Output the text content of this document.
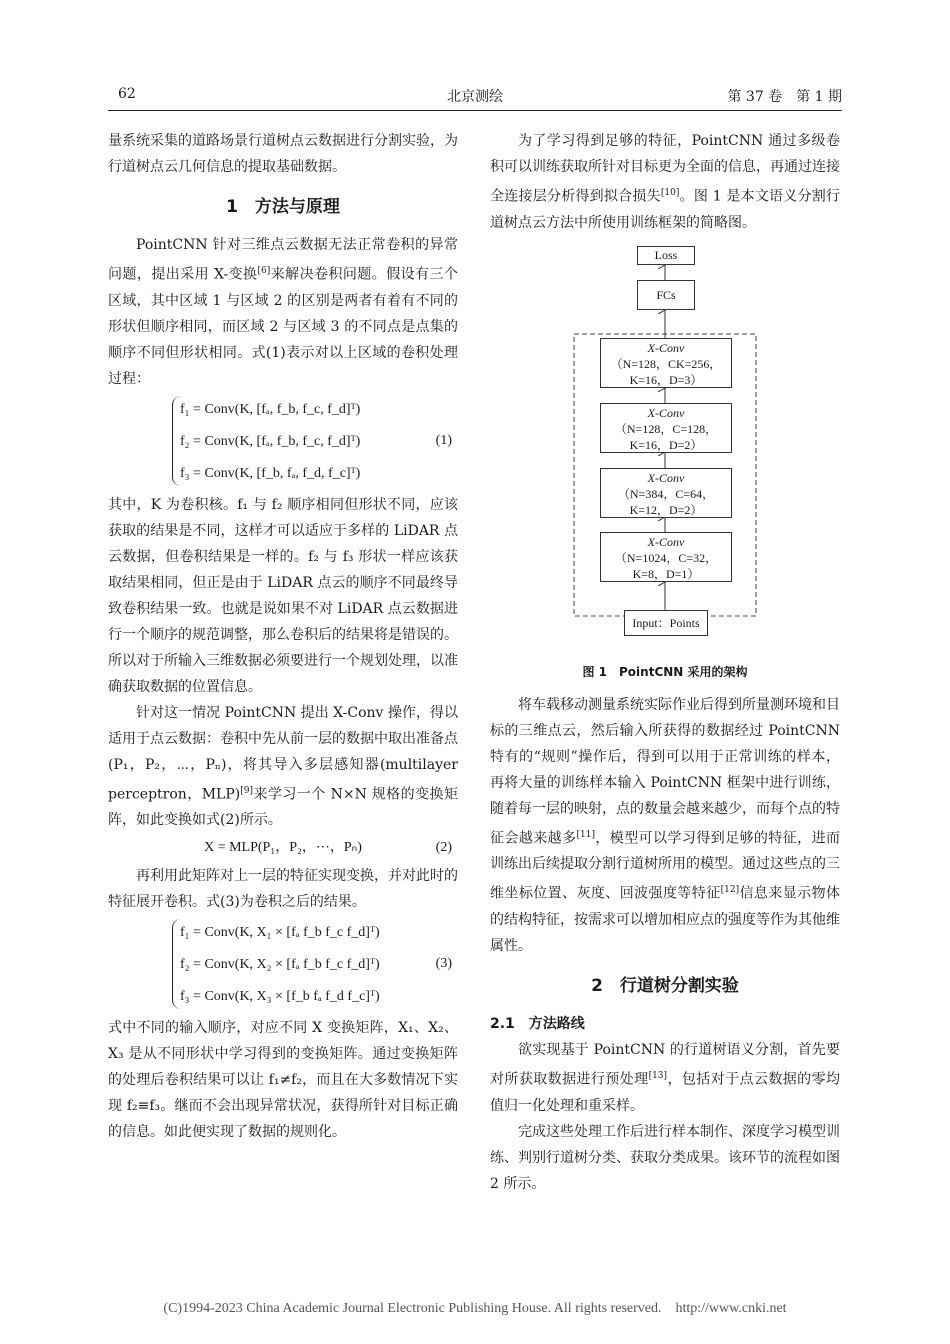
62	北京测绘	第 37 卷　第 1 期

量系统采集的道路场景行道树点云数据进行分割实验，为行道树点云几何信息的提取基础数据。

1　方法与原理

PointCNN 针对三维点云数据无法正常卷积的异常问题，提出采用 X-变换[6]来解决卷积问题。假设有三个区域，其中区域 1 与区域 2 的区别是两者有着有不同的形状但顺序相同，而区域 2 与区域 3 的不同点是点集的顺序不同但形状相同。式(1)表示对以上区域的卷积处理过程：

f₁ = Conv(K, [fₐ, f_b, f_c, f_d]ᵀ)
f₂ = Conv(K, [fₐ, f_b, f_c, f_d]ᵀ)
f₃ = Conv(K, [f_b, fₐ, f_d, f_c]ᵀ)
(1)

其中，K 为卷积核。f₁ 与 f₂ 顺序相同但形状不同，应该获取的结果是不同，这样才可以适应于多样的 LiDAR 点云数据，但卷积结果是一样的。f₂ 与 f₃ 形状一样应该获取结果相同，但正是由于 LiDAR 点云的顺序不同最终导致卷积结果一致。也就是说如果不对 LiDAR 点云数据进行一个顺序的规范调整，那么卷积后的结果将是错误的。所以对于所输入三维数据必须要进行一个规划处理，以准确获取数据的位置信息。

针对这一情况 PointCNN 提出 X-Conv 操作，得以适用于点云数据：卷积中先从前一层的数据中取出准备点(P₁，P₂，⋯，Pₙ)，将其导入多层感知器(multilayer perceptron，MLP)[9]来学习一个 N×N 规格的变换矩阵，如此变换如式(2)所示。

X = MLP(P₁，P₂，⋯，Pₙ)	(2)

再利用此矩阵对上一层的特征实现变换，并对此时的特征展开卷积。式(3)为卷积之后的结果。

f₁ = Conv(K, X₁ × [fₐ f_b f_c f_d]ᵀ)
f₂ = Conv(K, X₂ × [fₐ f_b f_c f_d]ᵀ)
f₃ = Conv(K, X₃ × [f_b fₐ f_d f_c]ᵀ)
(3)

式中不同的输入顺序，对应不同 X 变换矩阵，X₁、X₂、X₃ 是从不同形状中学习得到的变换矩阵。通过变换矩阵的处理后卷积结果可以让 f₁≠f₂，而且在大多数情况下实现 f₂≡f₃。继而不会出现异常状况，获得所针对目标正确的信息。如此便实现了数据的规则化。

为了学习得到足够的特征，PointCNN 通过多级卷积可以训练获取所针对目标更为全面的信息，再通过连接全连接层分析得到拟合损失[10]。图 1 是本文语义分割行道树点云方法中所使用训练框架的简略图。

Loss
FCs
X-Conv
（N=128，CK=256，
K=16，D=3）
X-Conv
（N=128，C=128，
K=16，D=2）
X-Conv
（N=384，C=64，
K=12，D=2）
X-Conv
（N=1024，C=32，
K=8，D=1）
Input：Points
图 1　PointCNN 采用的架构

将车载移动测量系统实际作业后得到所量测环境和目标的三维点云，然后输入所获得的数据经过 PointCNN 特有的“规则”操作后，得到可以用于正常训练的样本，再将大量的训练样本输入 PointCNN 框架中进行训练，随着每一层的映射，点的数量会越来越少，而每个点的特征会越来越多[11]，模型可以学习得到足够的特征，进而训练出后续提取分割行道树所用的模型。通过这些点的三维坐标位置、灰度、回波强度等特征[12]信息来显示物体的结构特征，按需求可以增加相应点的强度等作为其他维属性。

2　行道树分割实验
2.1　方法路线

欲实现基于 PointCNN 的行道树语义分割，首先要对所获取数据进行预处理[13]，包括对于点云数据的零均值归一化处理和重采样。

完成这些处理工作后进行样本制作、深度学习模型训练、判别行道树分类、获取分类成果。该环节的流程如图 2 所示。

(C)1994-2023 China Academic Journal Electronic Publishing House. All rights reserved.　http://www.cnki.net
